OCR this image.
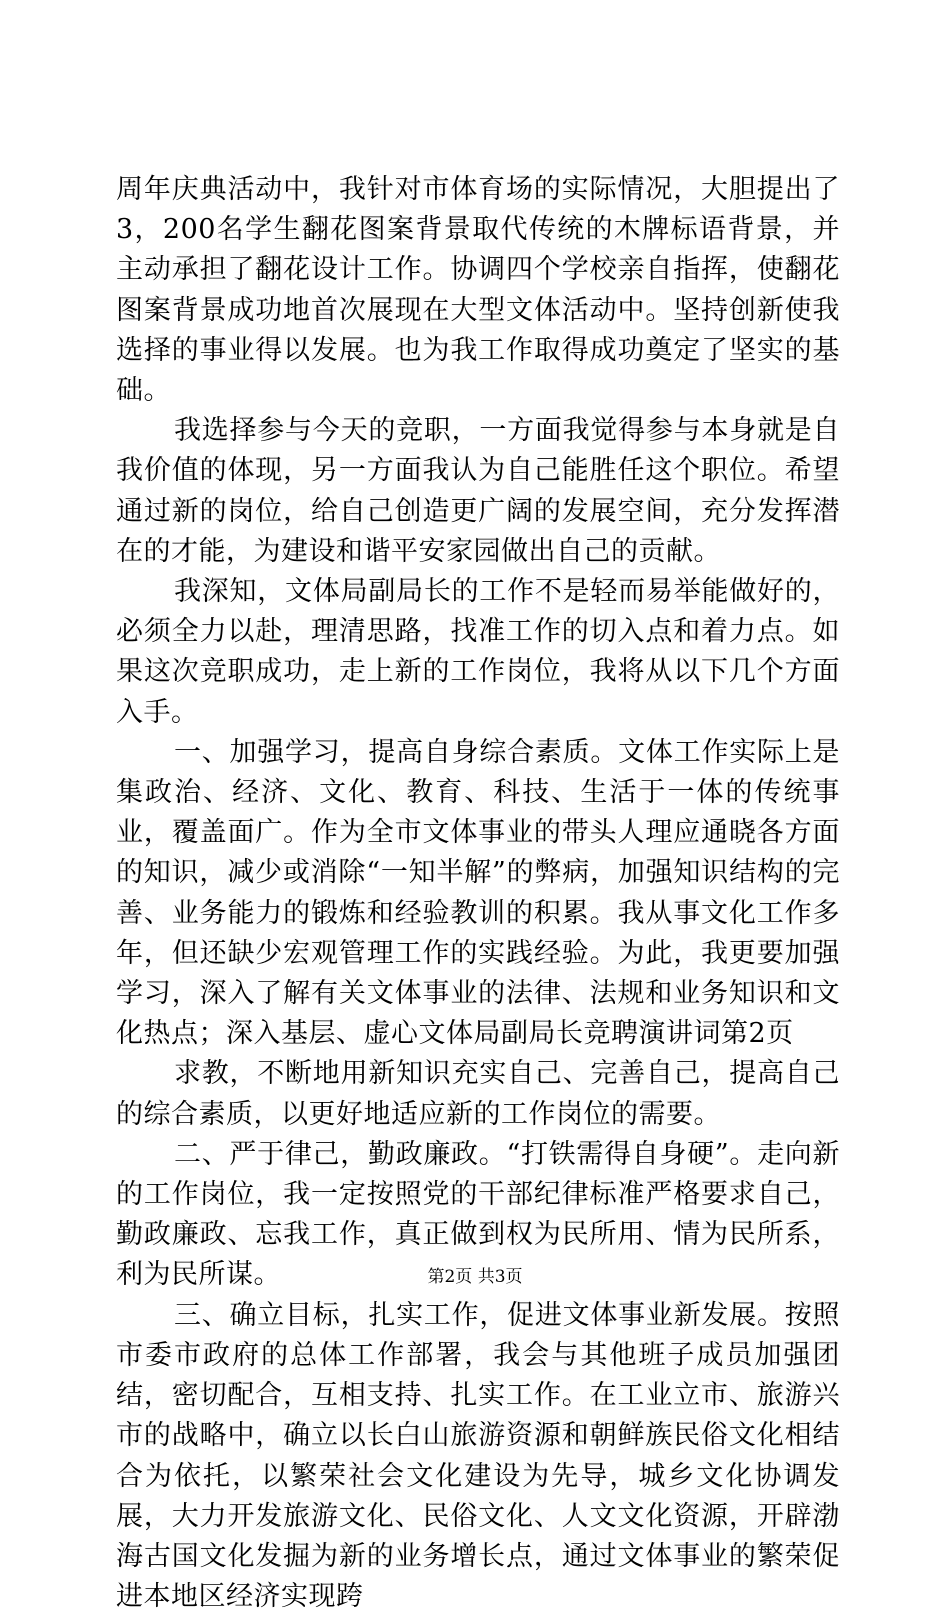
周年庆典活动中，我针对市体育场的实际情况，大胆提出了3，200名学生翻花图案背景取代传统的木牌标语背景，并主动承担了翻花设计工作。协调四个学校亲自指挥，使翻花图案背景成功地首次展现在大型文体活动中。坚持创新使我选择的事业得以发展。也为我工作取得成功奠定了坚实的基础。

我选择参与今天的竞职，一方面我觉得参与本身就是自我价值的体现，另一方面我认为自己能胜任这个职位。希望通过新的岗位，给自己创造更广阔的发展空间，充分发挥潜在的才能，为建设和谐平安家园做出自己的贡献。

我深知，文体局副局长的工作不是轻而易举能做好的，必须全力以赴，理清思路，找准工作的切入点和着力点。如果这次竞职成功，走上新的工作岗位，我将从以下几个方面入手。

一、加强学习，提高自身综合素质。文体工作实际上是集政治、经济、文化、教育、科技、生活于一体的传统事业，覆盖面广。作为全市文体事业的带头人理应通晓各方面的知识，减少或消除“一知半解”的弊病，加强知识结构的完善、业务能力的锻炼和经验教训的积累。我从事文化工作多年，但还缺少宏观管理工作的实践经验。为此，我更要加强学习，深入了解有关文体事业的法律、法规和业务知识和文化热点；深入基层、虚心文体局副局长竞聘演讲词第2页

求教，不断地用新知识充实自己、完善自己，提高自己的综合素质，以更好地适应新的工作岗位的需要。

二、严于律己，勤政廉政。“打铁需得自身硬”。走向新的工作岗位，我一定按照党的干部纪律标准严格要求自己，勤政廉政、忘我工作，真正做到权为民所用、情为民所系，利为民所谋。

三、确立目标，扎实工作，促进文体事业新发展。按照市委市政府的总体工作部署，我会与其他班子成员加强团结，密切配合，互相支持、扎实工作。在工业立市、旅游兴市的战略中，确立以长白山旅游资源和朝鲜族民俗文化相结合为依托，以繁荣社会文化建设为先导，城乡文化协调发展，大力开发旅游文化、民俗文化、人文文化资源，开辟渤海古国文化发掘为新的业务增长点，通过文体事业的繁荣促进本地区经济实现跨

第2页 共3页
